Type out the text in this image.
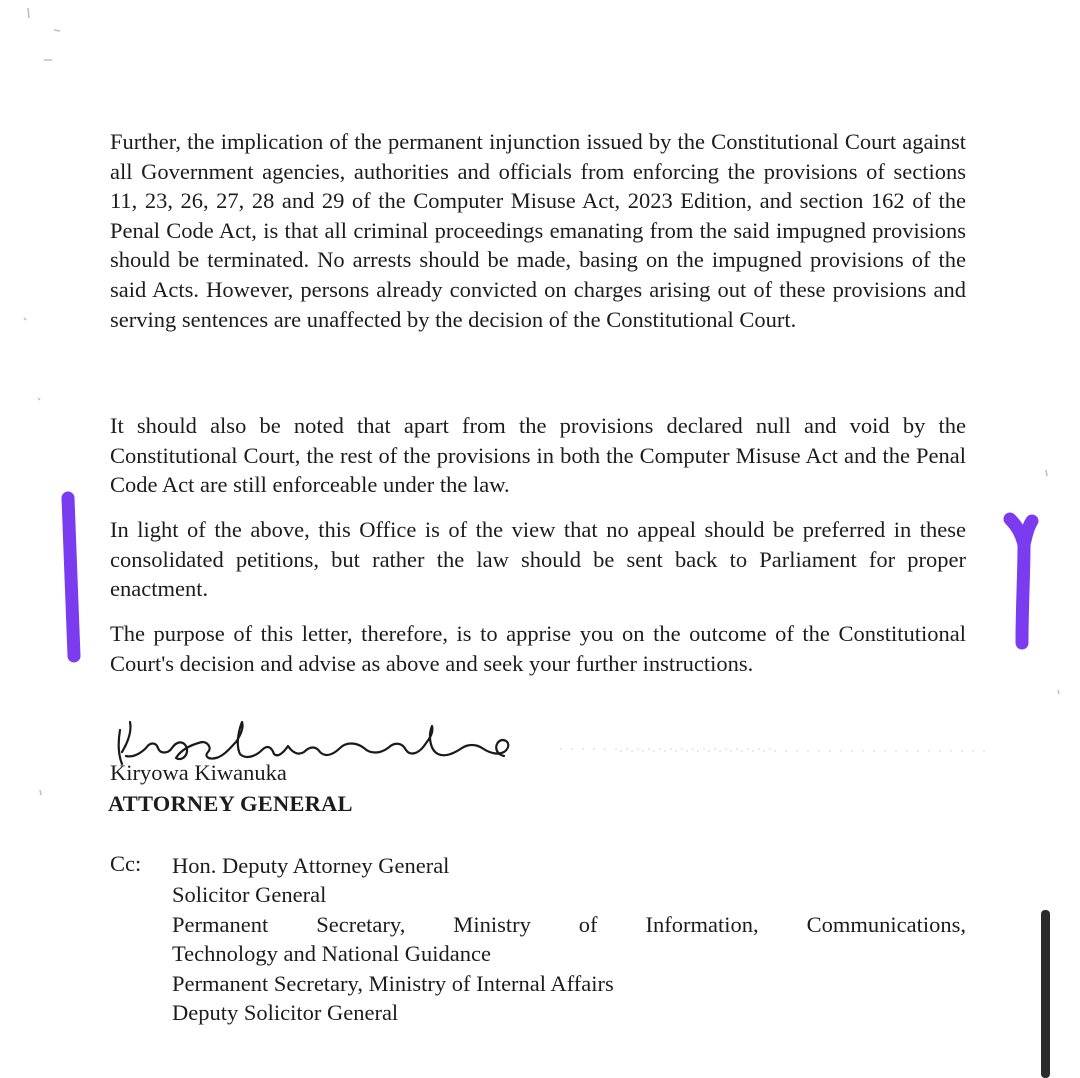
Further, the implication of the permanent injunction issued by the Constitutional Court against all Government agencies, authorities and officials from enforcing the provisions of sections 11, 23, 26, 27, 28 and 29 of the Computer Misuse Act, 2023 Edition, and section 162 of the Penal Code Act, is that all criminal proceedings emanating from the said impugned provisions should be terminated. No arrests should be made, basing on the impugned provisions of the said Acts. However, persons already convicted on charges arising out of these provisions and serving sentences are unaffected by the decision of the Constitutional Court.

It should also be noted that apart from the provisions declared null and void by the Constitutional Court, the rest of the provisions in both the Computer Misuse Act and the Penal Code Act are still enforceable under the law.

In light of the above, this Office is of the view that no appeal should be preferred in these consolidated petitions, but rather the law should be sent back to Parliament for proper enactment.

The purpose of this letter, therefore, is to apprise you on the outcome of the Constitutional Court's decision and advise as above and seek your further instructions.

Kiryowa Kiwanuka
ATTORNEY GENERAL
Cc: Hon. Deputy Attorney General
Solicitor General
Permanent Secretary, Ministry of Information, Communications,
Technology and National Guidance
Permanent Secretary, Ministry of Internal Affairs
Deputy Solicitor General
